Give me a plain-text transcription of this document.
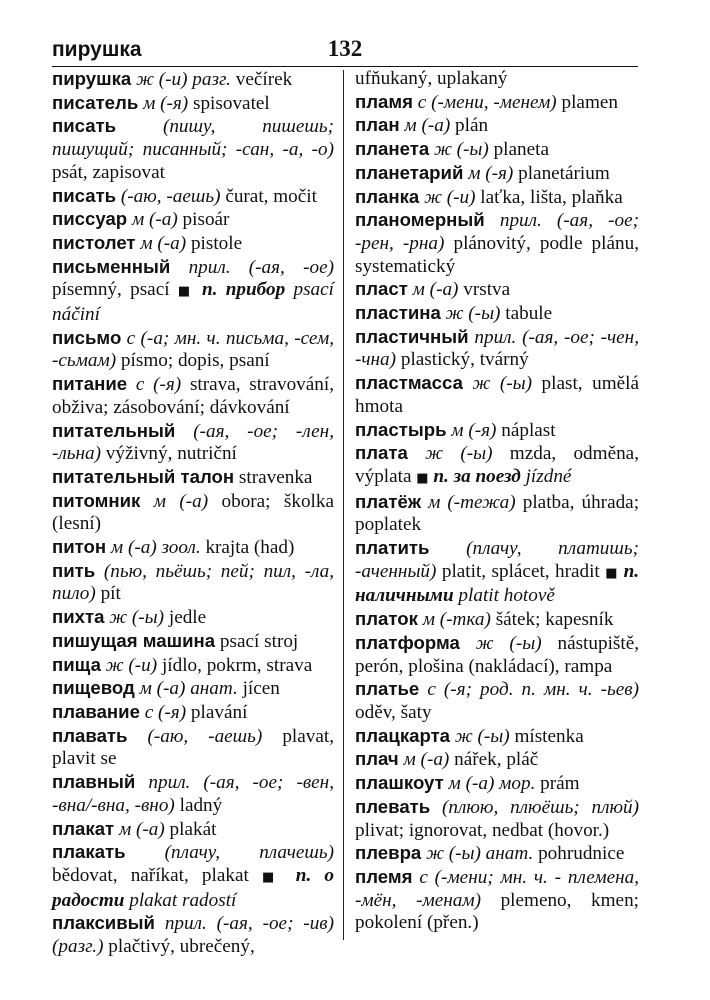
пирушка	132
пирушка ж (-и) разг. večírek
писатель м (-я) spisovatel
писать (пишу, пишешь; пишущий; писанный; -сан, -а, -о) psát, zapisovat
писать (-аю, -аешь) čurat, močit
писсуар м (-а) pisoár
пистолет м (-а) pistole
письменный прил. (-ая, -ое) písemný, psací ■ п. прибор psací náčiní
письмо с (-а; мн. ч. письма, -сем, -сьмам) písmo; dopis, psaní
питание с (-я) strava, stravování, obživa; zásobování; dávkování
питательный (-ая, -ое; -лен, -льна) výživný, nutriční
питательный талон stravenka
питомник м (-а) obora; školka (lesní)
питон м (-а) зоол. krajta (had)
пить (пью, пьёшь; пей; пил, -ла, пило) pít
пихта ж (-ы) jedle
пишущая машина psací stroj
пища ж (-и) jídlo, pokrm, strava
пищевод м (-а) анат. jícen
плавание с (-я) plavání
плавать (-аю, -аешь) plavat, plavit se
плавный прил. (-ая, -ое; -вен, -вна/-вна, -вно) ladný
плакат м (-а) plakát
плакать (плачу, плачешь) bědovat, naříkat, plakat ■ п. о радости plakat radostí
плаксивый прил. (-ая, -ое; -ив) (разг.) plačtivý, ubrečený,
ufňukaný, uplakaný
пламя с (-мени, -менем) plamen
план м (-а) plán
планета ж (-ы) planeta
планетарий м (-я) planetárium
планка ж (-и) laťka, lišta, plaňka
планомерный прил. (-ая, -ое; -рен, -рна) plánovitý, podle plánu, systematický
пласт м (-а) vrstva
пластина ж (-ы) tabule
пластичный прил. (-ая, -ое; -чен, -чна) plastický, tvárný
пластмасса ж (-ы) plast, umělá hmota
пластырь м (-я) náplast
плата ж (-ы) mzda, odměna, výplata ■ п. за поезд jízdné
платёж м (-тежа) platba, úhrada; poplatek
платить (плачу, платишь; -аченный) platit, splácet, hradit ■ п. наличными platit hotově
платок м (-тка) šátek; kapesník
платформа ж (-ы) nástupiště, perón, plošina (nakládací), rampa
платье с (-я; род. п. мн. ч. -ьев) oděv, šaty
плацкарта ж (-ы) místenka
плач м (-а) nářek, pláč
плашкоут м (-а) мор. prám
плевать (плюю, плюёшь; плюй) plivat; ignorovat, nedbat (hovor.)
плевра ж (-ы) анат. pohrudnice
племя с (-мени; мн. ч. - племена, -мён, -менам) plemeno, kmen; pokolení (přen.)
